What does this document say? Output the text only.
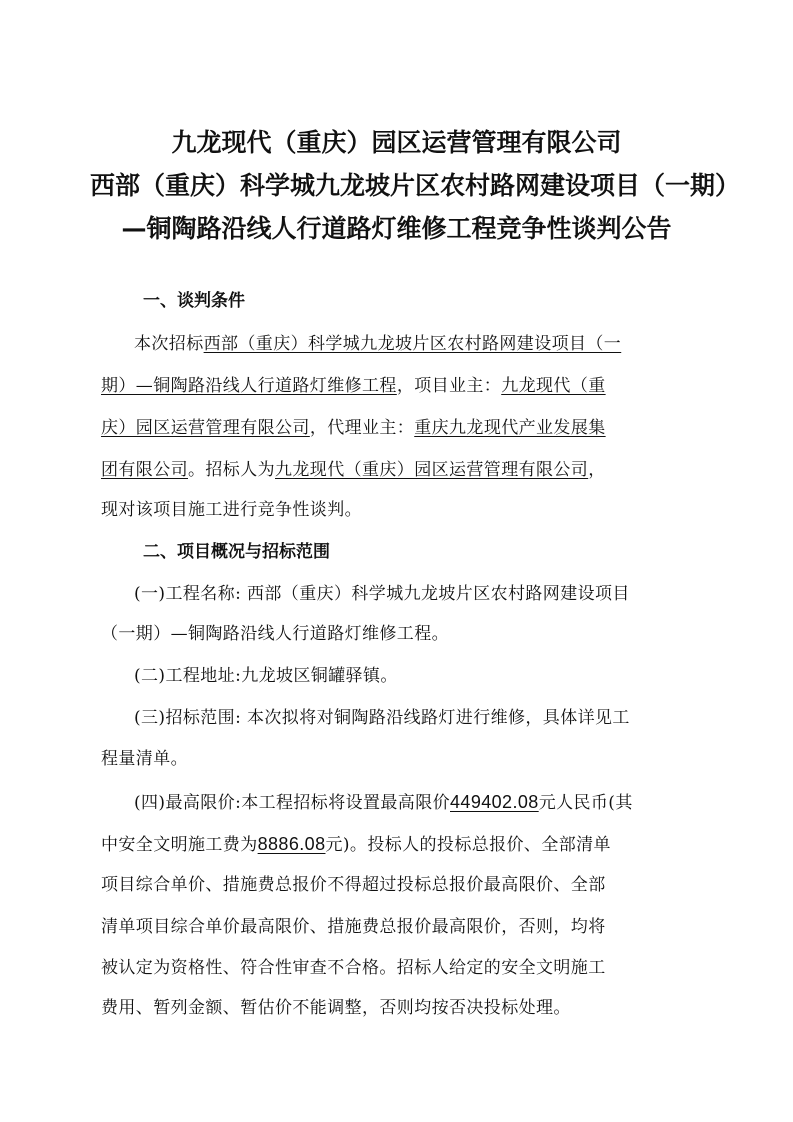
九龙现代（重庆）园区运营管理有限公司
西部（重庆）科学城九龙坡片区农村路网建设项目（一期）
—铜陶路沿线人行道路灯维修工程竞争性谈判公告
一、谈判条件
本次招标西部（重庆）科学城九龙坡片区农村路网建设项目（一
期）—铜陶路沿线人行道路灯维修工程，项目业主：九龙现代（重
庆）园区运营管理有限公司，代理业主：重庆九龙现代产业发展集
团有限公司。招标人为九龙现代（重庆）园区运营管理有限公司，
现对该项目施工进行竞争性谈判。
二、项目概况与招标范围
(一)工程名称: 西部（重庆）科学城九龙坡片区农村路网建设项目
（一期）—铜陶路沿线人行道路灯维修工程。
(二)工程地址:九龙坡区铜罐驿镇。
(三)招标范围: 本次拟将对铜陶路沿线路灯进行维修，具体详见工
程量清单。
(四)最高限价:本工程招标将设置最高限价449402.08元人民币(其
中安全文明施工费为8886.08元)。投标人的投标总报价、全部清单
项目综合单价、措施费总报价不得超过投标总报价最高限价、全部
清单项目综合单价最高限价、措施费总报价最高限价，否则，均将
被认定为资格性、符合性审查不合格。招标人给定的安全文明施工
费用、暂列金额、暂估价不能调整，否则均按否决投标处理。
